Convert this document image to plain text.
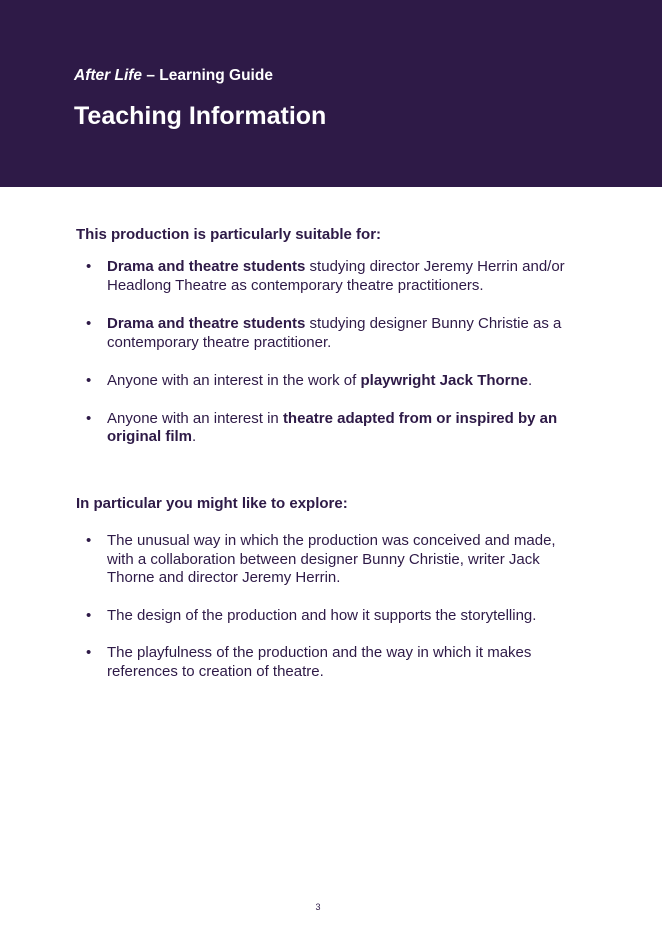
After Life – Learning Guide
Teaching Information
This production is particularly suitable for:
• Drama and theatre students studying director Jeremy Herrin and/or Headlong Theatre as contemporary theatre practitioners.
• Drama and theatre students studying designer Bunny Christie as a contemporary theatre practitioner.
• Anyone with an interest in the work of playwright Jack Thorne.
• Anyone with an interest in theatre adapted from or inspired by an original film.
In particular you might like to explore:
• The unusual way in which the production was conceived and made, with a collaboration between designer Bunny Christie, writer Jack Thorne and director Jeremy Herrin.
• The design of the production and how it supports the storytelling.
• The playfulness of the production and the way in which it makes references to creation of theatre.
3
